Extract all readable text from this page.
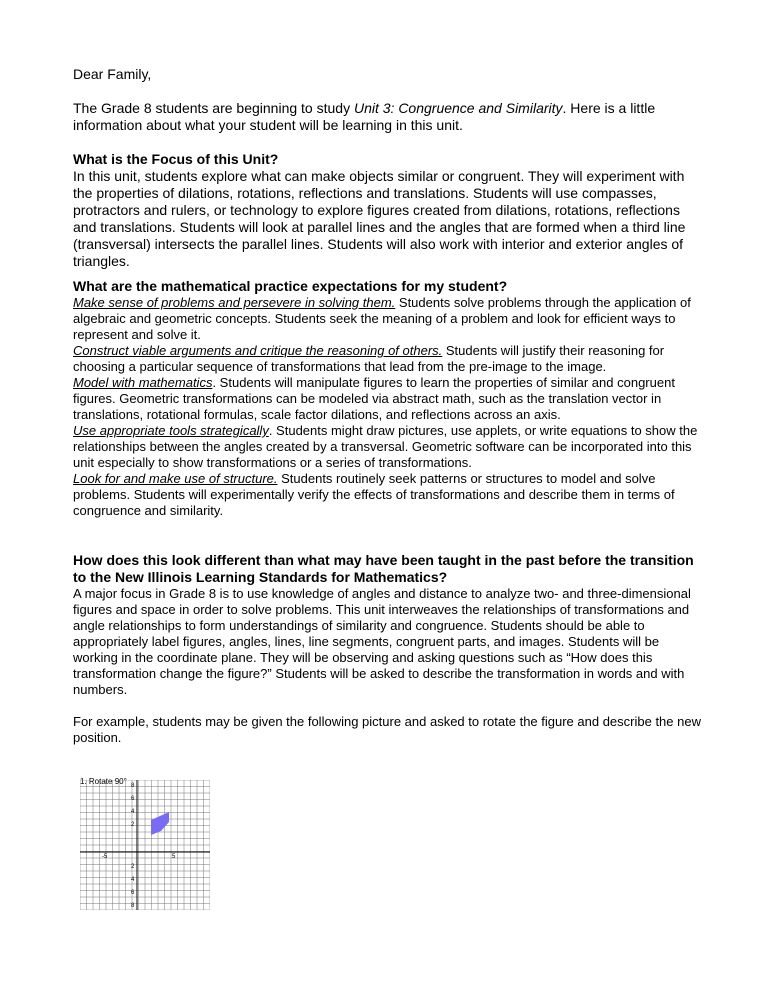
Dear Family,

The Grade 8 students are beginning to study Unit 3: Congruence and Similarity. Here is a little information about what your student will be learning in this unit.

What is the Focus of this Unit?

In this unit, students explore what can make objects similar or congruent. They will experiment with the properties of dilations, rotations, reflections and translations. Students will use compasses, protractors and rulers, or technology to explore figures created from dilations, rotations, reflections and translations. Students will look at parallel lines and the angles that are formed when a third line (transversal) intersects the parallel lines. Students will also work with interior and exterior angles of triangles.

What are the mathematical practice expectations for my student?

Make sense of problems and persevere in solving them. Students solve problems through the application of algebraic and geometric concepts. Students seek the meaning of a problem and look for efficient ways to represent and solve it.

Construct viable arguments and critique the reasoning of others. Students will justify their reasoning for choosing a particular sequence of transformations that lead from the pre-image to the image.

Model with mathematics. Students will manipulate figures to learn the properties of similar and congruent figures. Geometric transformations can be modeled via abstract math, such as the translation vector in translations, rotational formulas, scale factor dilations, and reflections across an axis.

Use appropriate tools strategically. Students might draw pictures, use applets, or write equations to show the relationships between the angles created by a transversal. Geometric software can be incorporated into this unit especially to show transformations or a series of transformations.

Look for and make use of structure. Students routinely seek patterns or structures to model and solve problems. Students will experimentally verify the effects of transformations and describe them in terms of congruence and similarity.

How does this look different than what may have been taught in the past before the transition to the New Illinois Learning Standards for Mathematics?

A major focus in Grade 8 is to use knowledge of angles and distance to analyze two- and three-dimensional figures and space in order to solve problems. This unit interweaves the relationships of transformations and angle relationships to form understandings of similarity and congruence. Students should be able to appropriately label figures, angles, lines, line segments, congruent parts, and images. Students will be working in the coordinate plane. They will be observing and asking questions such as “How does this transformation change the figure?” Students will be asked to describe the transformation in words and with numbers.

For example, students may be given the following picture and asked to rotate the figure and describe the new position.

1. Rotate 90° 8
6
4
2
2
4
6
8
-5	5
